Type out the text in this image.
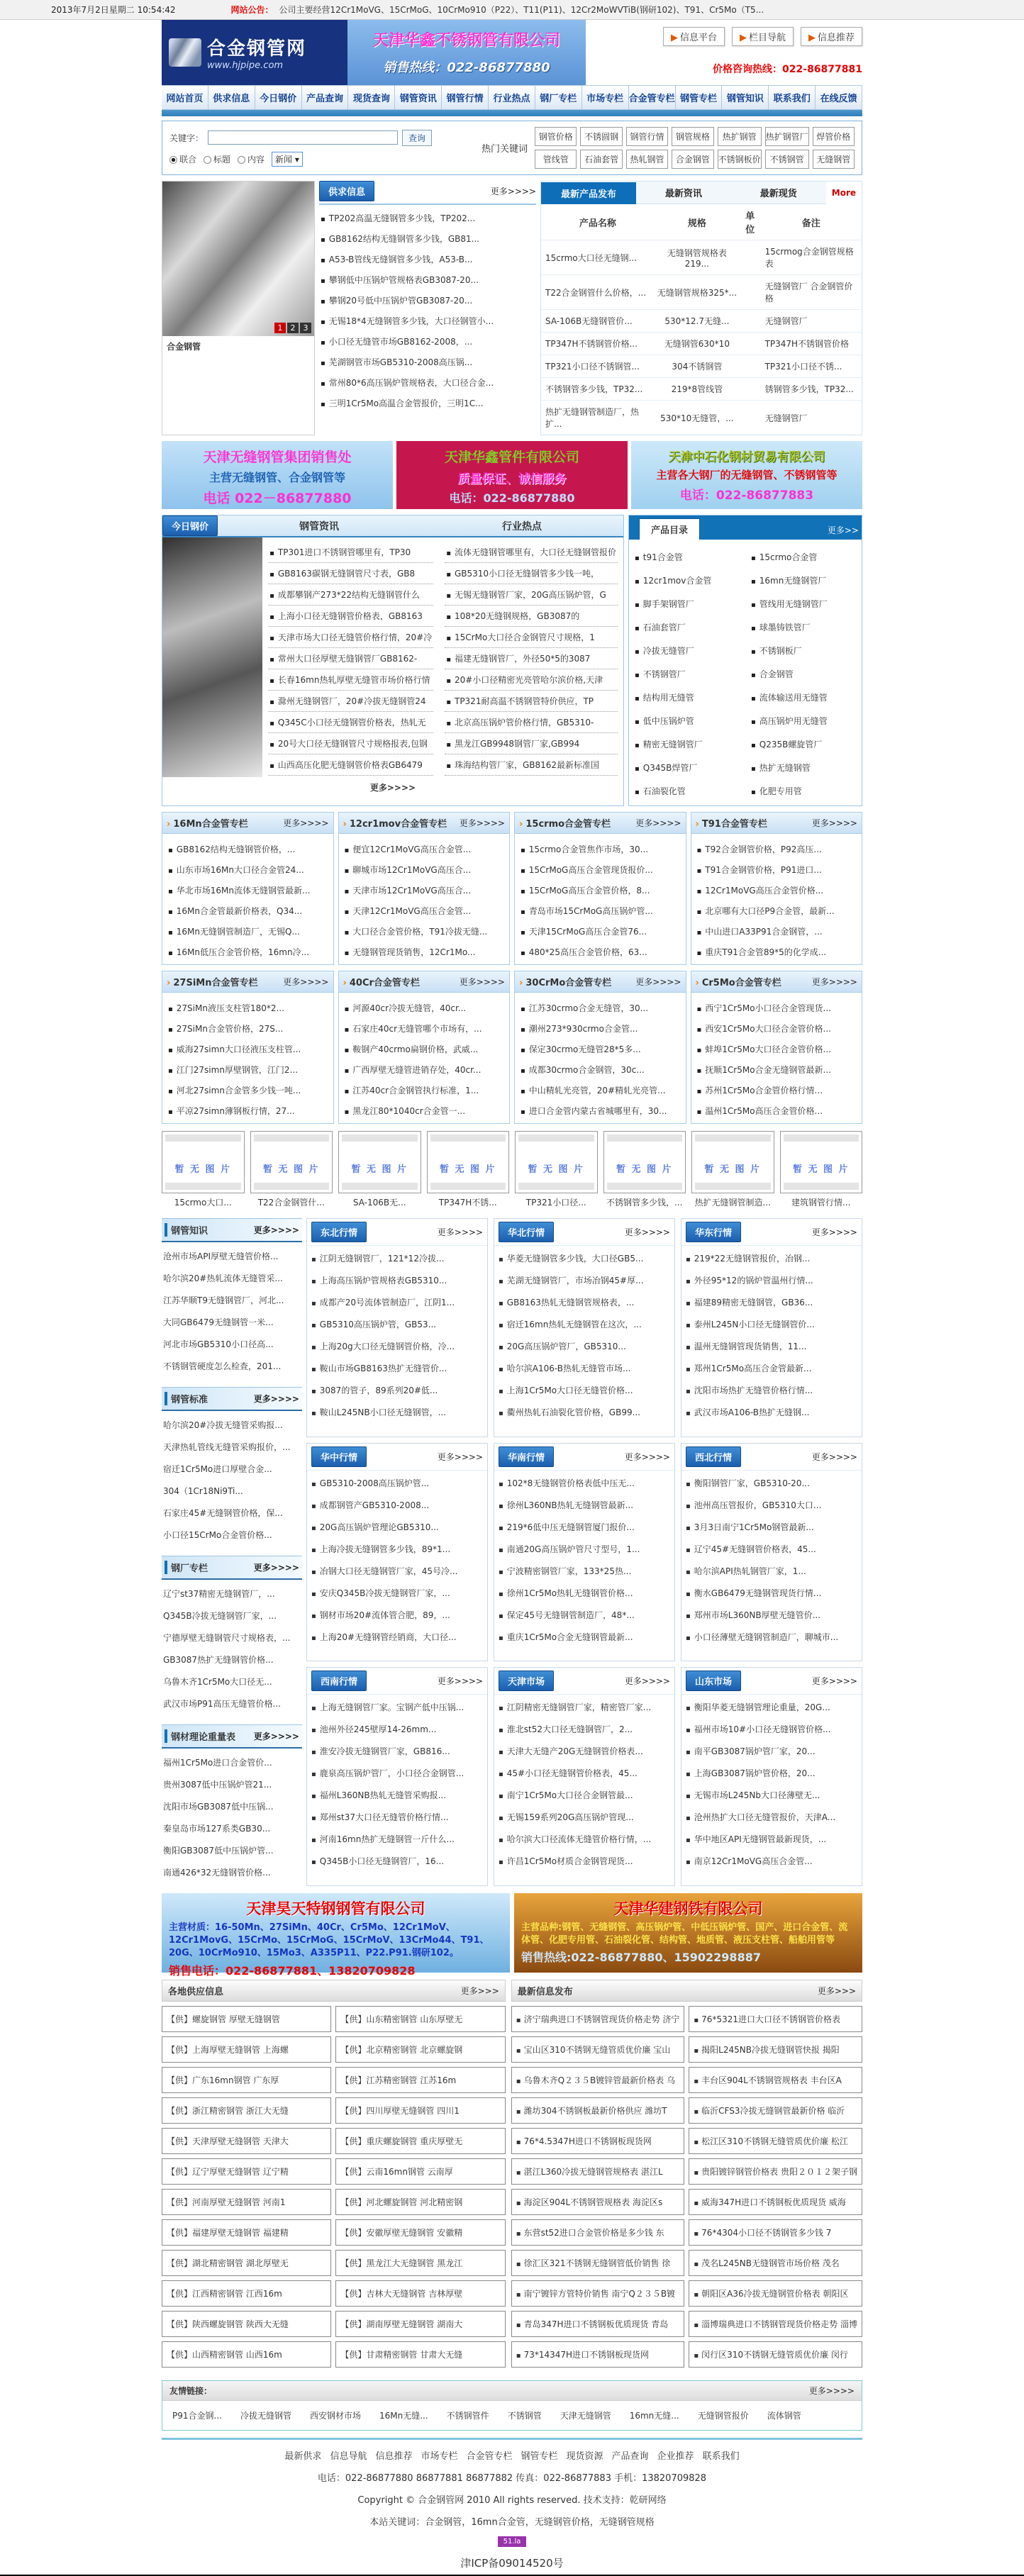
2013年7月2日星期二 10:54:42	网站公告： 公司主要经营12Cr1MoVG、15CrMoG、10CrMo910（P22）、T11(P11)、12Cr2MoWVTiB(钢研102)、T91、Cr5Mo（T5...
合金钢管网
www.hjpipe.com
天津华鑫不锈钢管有限公司
销售热线：022-86877880
▶ 信息平台	▶ 栏目导航	▶ 信息推荐
价格咨询热线：022-86877881
网站首页	供求信息	今日钢价	产品查询	现货查询	钢管资讯	钢管行情	行业热点	钢厂专栏	市场专栏 合金管专栏 钢管专栏	钢管知识	联系我们	在线反馈
关键字：	查询
联合	标题	内容	新闻 ▾
热门关键词
钢管价格	不锈圆钢	钢管行情	钢管规格	热扩钢管	热扩钢管厂 焊管价格
管线管	石油套管	热轧钢管	合金钢管 不锈钢板价	不锈钢管	无缝钢管
1	2	3
合金钢管
供求信息	更多>>>>
▪ TP202高温无缝钢管多少钱，TP202...
▪ GB8162结构无缝钢管多少钱，GB81...
▪ A53-B管线无缝钢管多少钱，A53-B...
▪ 攀钢低中压锅炉管规格表GB3087-20...
▪ 攀钢20号低中压锅炉管GB3087-20...
▪ 无锡18*4无缝钢管多少钱，大口径钢管小...
▪ 小口径无缝管市场GB8162-2008，...
▪ 芜湖钢管市场GB5310-2008高压锅...
▪ 常州80*6高压锅炉管规格表，大口径合金...
▪ 三明1Cr5Mo高温合金管报价，三明1C...
最新产品发布	最新资讯	最新现货	More
产品名称	规格	单位	备注
15crmo大口径无缝钢...	无缝钢管规格表219...		15crmog合金钢管规格表
T22合金钢管什么价格，...	无缝钢管规格325*...		无缝钢管厂 合金钢管价格
SA-106B无缝钢管价...	530*12.7无缝...		无缝钢管厂
TP347H不锈钢管价格...	无缝钢管630*10		TP347H不锈钢管价格
TP321小口径不锈钢管...	304不锈钢管		TP321小口径不锈...
不锈钢管多少钱，TP32...	219*8管线管		锈钢管多少钱，TP32...
热扩无缝钢管制造厂，热扩...	530*10无缝管，...		无缝钢管厂
天津无缝钢管集团销售处
主营无缝钢管、合金钢管等
电话 022－86877880
天津华鑫管件有限公司
质量保证、诚信服务
电话：022-86877880
天津中石化钢材贸易有限公司
主营各大钢厂的无缝钢管、不锈钢管等
电话：022-86877883
今日钢价	钢管资讯	行业热点
▪ TP301进口不锈钢管哪里有，TP30
▪ GB8163碳钢无缝钢管尺寸表，GB8
▪ 成都攀钢产273*22结构无缝钢管什么
▪ 上海小口径无缝钢管价格表，GB8163
▪ 天津市场大口径无缝管价格行情，20#冷
▪ 常州大口径厚壁无缝钢管厂GB8162-
▪ 长春16mn热轧厚壁无缝管市场价格行情
▪ 滁州无缝钢管厂，20#冷拔无缝钢管24
▪ Q345C小口径无缝钢管价格表，热轧无
▪ 20号大口径无缝钢管尺寸规格报表,包钢
▪ 山西高压化肥无缝钢管价格表GB6479
▪ 流体无缝钢管哪里有，大口径无缝钢管报价
▪ GB5310小口径无缝钢管多少钱一吨，
▪ 无锡无缝钢管厂家，20G高压锅炉管，G
▪ 108*20无缝钢规格，GB3087的
▪ 15CrMo大口径合金钢管尺寸规格，1
▪ 福建无缝钢管厂，外径50*5的3087
▪ 20#小口径精密光亮管哈尔滨价格,天津
▪ TP321耐高温不锈钢管特价供应，TP
▪ 北京高压锅炉管价格行情，GB5310-
▪ 黑龙江GB9948钢管厂家,GB994
▪ 珠海结构管厂家，GB8162最新标准国
更多>>>>
产品目录	更多>>
▪ t91合金管
▪ 12cr1mov合金管
▪ 脚手架钢管厂
▪ 石油套管厂
▪ 冷拔无缝管厂
▪ 不锈钢管厂
▪ 结构用无缝管
▪ 低中压锅炉管
▪ 精密无缝钢管厂
▪ Q345B焊管厂
▪ 石油裂化管
▪ 15crmo合金管
▪ 16mn无缝钢管厂
▪ 管线用无缝钢管厂
▪ 球墨铸铁管厂
▪ 不锈钢板厂
▪ 合金钢管
▪ 流体输送用无缝管
▪ 高压锅炉用无缝管
▪ Q235B螺旋管厂
▪ 热扩无缝钢管
▪ 化肥专用管
› 16Mn合金管专栏	更多>>>>
▪ GB8162结构无缝钢管价格，...
▪ 山东市场16Mn大口径合金管24...
▪ 华北市场16Mn流体无缝钢管最新...
▪ 16Mn合金管最新价格表，Q34...
▪ 16Mn无缝钢管制造厂，无锡Q...
▪ 16Mn低压合金管价格，16mn冷...
› 12cr1mov合金管专栏 更多>>>>
▪ 便宜12Cr1MoVG高压合金管...
▪ 聊城市场12Cr1MoVG高压合...
▪ 天津市场12Cr1MoVG高压合...
▪ 天津12Cr1MoVG高压合金管...
▪ 大口径合金管价格，T91冷拔无缝...
▪ 无缝钢管现货销售，12Cr1Mo...
› 15crmo合金管专栏	更多>>>>
▪ 15crmo合金管焦作市场，30...
▪ 15CrMoG高压合金管现货报价...
▪ 15CrMoG高压合金管价格，8...
▪ 青岛市场15CrMoG高压锅炉管...
▪ 天津15CrMoG高压合金管76...
▪ 480*25高压合金管价格，63...
› T91合金管专栏	更多>>>>
▪ T92合金钢管价格，P92高压...
▪ T91合金钢管价格，P91进口...
▪ 12Cr1MoVG高压合金管价格...
▪ 北京哪有大口径P9合金管，最新...
▪ 中山进口A33P91合金钢管，...
▪ 重庆T91合金管89*5的化学成...
› 27SiMn合金管专栏	更多>>>>
▪ 27SiMn液压支柱管180*2...
▪ 27SiMn合金管价格，27S...
▪ 威海27simn大口径液压支柱管...
▪ 江门27simn厚壁钢管，江门2...
▪ 河北27simn合金管多少钱一吨...
▪ 平凉27simn薄钢板行情，27...
› 40Cr合金管专栏	更多>>>>
▪ 河源40cr冷拔无缝管，40cr...
▪ 石家庄40cr无缝管哪个市场有，...
▪ 鞍钢产40crmo扁钢价格，武威...
▪ 广西厚壁无缝管进销存处，40cr...
▪ 江苏40cr合金钢管执行标准，1...
▪ 黑龙江80*1040cr合金管一...
› 30CrMo合金管专栏	更多>>>>
▪ 江苏30crmo合金无缝管，30...
▪ 潮州273*930crmo合金管...
▪ 保定30crmo无缝管28*5多...
▪ 成都30crmo合金钢管，30c...
▪ 中山精轧光亮管，20#精轧光亮管...
▪ 进口合金管内蒙古省城哪里有，30...
› Cr5Mo合金管专栏	更多>>>>
▪ 西宁1Cr5Mo小口径合金管现货...
▪ 西安1Cr5Mo大口径合金管价格...
▪ 蚌埠1Cr5Mo大口径合金管价格...
▪ 抚顺1Cr5Mo合金无缝钢管最新...
▪ 苏州1Cr5Mo合金管价格行情...
▪ 温州1Cr5Mo高压合金管价格...
暂 无 图 片
15crmo大口...
暂 无 图 片
T22合金钢管什...
暂 无 图 片
SA-106B无...
暂 无 图 片
TP347H不锈...
暂 无 图 片
TP321小口径...
暂 无 图 片
不锈钢管多少钱，...
暂 无 图 片
热扩无缝钢管制造...
暂 无 图 片
建筑钢管行情...
钢管知识	更多>>>>
• 沧州市场API厚壁无缝管价格...
• 哈尔滨20#热轧流体无缝管采...
• 江苏华顺T9无缝钢管厂，河北...
• 大同GB6479无缝钢管一米...
• 河北市场GB5310小口径高...
• 不锈钢管硬度怎么检查，201...
钢管标准	更多>>>>
• 哈尔滨20#冷拔无缝管采购报...
• 天津热轧管线无缝管采购报价，...
• 宿迁1Cr5Mo进口厚壁合金...
• 304（1Cr18Ni9Ti...
• 石家庄45#无缝钢管价格，保...
• 小口径15CrMo合金管价格...
钢厂专栏	更多>>>>
• 辽宁st37精密无缝钢管厂，...
• Q345B冷拔无缝钢管厂家，...
• 宁德厚壁无缝钢管尺寸规格表，...
• GB3087热扩无缝钢管价格...
• 乌鲁木齐1Cr5Mo大口径无...
• 武汉市场P91高压无缝管价格...
钢材理论重量表 更多>>>>
• 福州1Cr5Mo进口合金管价...
• 贵州3087低中压锅炉管21...
• 沈阳市场GB3087低中压锅...
• 秦皇岛市场127系类GB30...
• 衡阳GB3087低中压锅炉管...
• 南通426*32无缝钢管价格...
东北行情	更多>>>>
▪ • 江阴无缝钢管厂，121*12冷拔...
▪ • 上海高压锅炉管规格表GB5310...
▪ • 成都产20号流体管制造厂，江阴1...
▪ • GB5310高压锅炉管，GB53...
▪ • 上海20g大口径无缝钢管价格，冷...
▪ • 鞍山市场GB8163热扩无缝管价...
▪ • 3087的管子，89系列20#低...
▪ • 鞍山L245NB小口径无缝钢管，...
华北行情	更多>>>>
▪ • 华菱无缝钢管多少钱，大口径GB5...
▪ • 芜湖无缝钢管厂，市场冶钢45#厚...
▪ • GB8163热轧无缝钢管规格表，...
▪ • 宿迁16mn热轧无缝钢管在这次，...
▪ • 20G高压锅炉管厂，GB5310...
▪ • 哈尔滨A106-B热轧无缝管市场...
▪ • 上海1Cr5Mo大口径无缝管价格...
▪ • 衢州热轧石油裂化管价格，GB99...
华东行情	更多>>>>
▪ • 219*22无缝钢管报价，冶钢...
▪ • 外径95*12的锅炉管温州行情...
▪ • 福建89精密无缝钢管，GB36...
▪ • 泰州L245N小口径无缝钢管价...
▪ • 温州无缝钢管现货销售，11...
▪ • 郑州1Cr5Mo高压合金管最新...
▪ • 沈阳市场热扩无缝管价格行情...
▪ • 武汉市场A106-B热扩无缝钢...
华中行情	更多>>>>
▪ • GB5310-2008高压锅炉管...
▪ • 成都钢管产GB5310-2008...
▪ • 20G高压锅炉管理论GB5310...
▪ • 上海冷拔无缝钢管多少钱，89*1...
▪ • 冶钢大口径无缝钢管厂家，45号冷...
▪ • 安庆Q345B冷拔无缝钢管厂家，...
▪ • 钢材市场20#流体管合肥，89，...
▪ • 上海20#无缝钢管经销商，大口径...
华南行情	更多>>>>
▪ • 102*8无缝钢管价格表低中压无...
▪ • 徐州L360NB热轧无缝钢管最新...
▪ • 219*6低中压无缝钢管厦门报价...
▪ • 南通20G高压锅炉管尺寸型号，1...
▪ • 宁波精密钢管厂家，133*25热...
▪ • 徐州1Cr5Mo热轧无缝钢管价格...
▪ • 保定45号无缝钢管制造厂，48*...
▪ • 重庆1Cr5Mo合金无缝钢管最新...
西北行情	更多>>>>
▪ • 衡阳钢管厂家，GB5310-20...
▪ • 池州高压管报价，GB5310大口...
▪ • 3月3日南宁1Cr5Mo钢管最新...
▪ • 辽宁45#无缝钢管价格表，45...
▪ • 哈尔滨API热轧钢管厂家，1...
▪ • 衡水GB6479无缝钢管现货行情...
▪ • 郑州市场L360NB厚壁无缝管价...
▪ • 小口径薄壁无缝钢管制造厂，聊城市...
西南行情	更多>>>>
▪ • 上海无缝钢管厂家。宝钢产低中压锅...
▪ • 池州外径245壁厚14-26mm...
▪ • 淮安冷拔无缝钢管厂家，GB816...
▪ • 鹿泉高压锅炉管厂，小口径合金钢管...
▪ • 福州L360NB热轧无缝管采购报...
▪ • 郑州st37大口径无缝管价格行情...
▪ • 河南16mn热扩无缝钢管一斤什么...
▪ • Q345B小口径无缝钢管厂，16...
天津市场	更多>>>>
▪ • 江阴精密无缝钢管厂家，精密管厂家...
▪ • 淮北st52大口径无缝钢管厂，2...
▪ • 天津大无缝产20G无缝钢管价格表...
▪ • 45#小口径无缝钢管价格表，45...
▪ • 南宁1Cr5Mo大口径合金钢管最...
▪ • 无锡159系列20G高压锅炉管现...
▪ • 哈尔滨大口径流体无缝管价格行情，...
▪ • 许昌1Cr5Mo材质合金钢管现货...
山东市场	更多>>>>
▪ • 衡阳华菱无缝钢管理论重量，20G...
▪ • 福州市场10#小口径无缝钢管价格...
▪ • 南平GB3087锅炉管厂家，20...
▪ • 上海GB3087锅炉管价格，20...
▪ • 无锡市场L245Nb大口径薄壁无...
▪ • 沧州热扩大口径无缝管报价，天津A...
▪ • 华中地区API无缝钢管最新现货，...
▪ • 南京12Cr1MoVG高压合金管...
天津昊天特钢钢管有限公司
主营材质：16-50Mn、27SiMn、40Cr、Cr5Mo、12Cr1MoV、12Cr1MovG、15CrMo、15CrMoG、15CrMoV、13CrMo44、T91、20G、10CrMo910、15Mo3、A335P11、P22.P91.钢研102。
销售电话：022-86877881、13820709828
天津华建钢铁有限公司
主营品种:钢管、无缝钢管、高压锅炉管、中低压锅炉管、国产、进口合金管、流体管、化肥专用管、石油裂化管、结构管、地质管、液压支柱管、船舶用管等
销售热线:022-86877880、15902298887
各地供应信息	更多>>>
【供】螺旋钢管 厚壁无缝钢管
【供】上海厚壁无缝钢管 上海螺
【供】广东16mn钢管 广东厚
【供】浙江精密钢管 浙江大无缝
【供】天津厚壁无缝钢管 天津大
【供】辽宁厚壁无缝钢管 辽宁精
【供】河南厚壁无缝钢管 河南1
【供】福建厚壁无缝钢管 福建精
【供】湖北精密钢管 湖北厚壁无
【供】江西精密钢管 江西16m
【供】陕西螺旋钢管 陕西大无缝
【供】山西精密钢管 山西16m
【供】山东精密钢管 山东厚壁无
【供】北京精密钢管 北京螺旋钢
【供】江苏精密钢管 江苏16m
【供】四川厚壁无缝钢管 四川1
【供】重庆螺旋钢管 重庆厚壁无
【供】云南16mn钢管 云南厚
【供】河北螺旋钢管 河北精密钢
【供】安徽厚壁无缝钢管 安徽精
【供】黑龙江大无缝钢管 黑龙江
【供】吉林大无缝钢管 吉林厚壁
【供】湖南厚壁无缝钢管 湖南大
【供】甘肃精密钢管 甘肃大无缝
最新信息发布	更多>>>
▪ 济宁瑞典进口不锈钢管现货价格走势 济宁
▪ 宝山区310不锈钢无缝管质优价廉 宝山
▪ 乌鲁木齐Q２３５B镀锌管最新价格表 乌
▪ 潍坊304不锈钢板最新价格供应 潍坊T
▪ 76*4.5347H进口不锈钢板现货网
▪ 湛江L360冷拔无缝钢管规格表 湛江L
▪ 海淀区904L不锈钢管规格表 海淀区s
▪ 东营st52进口合金管价格是多少钱 东
▪ 徐汇区321不锈钢无缝钢管低价销售 徐
▪ 南宁镀锌方管特价销售 南宁Q２３５B镀
▪ 青岛347H进口不锈钢板优质现货 青岛
▪ 73*14347H进口不锈钢板现货网
▪ 76*5321进口大口径不锈钢管价格表
▪ 揭阳L245NB冷拔无缝钢管快报 揭阳
▪ 丰台区904L不锈钢管规格表 丰台区A
▪ 临沂CFS3冷拔无缝钢管最新价格 临沂
▪ 松江区310不锈钢无缝管质优价廉 松江
▪ 贵阳镀锌钢管价格表 贵阳２０１２架子钢
▪ 威海347H进口不锈钢板优质现货 威海
▪ 76*4304小口径不锈钢管多少钱 7
▪ 茂名L245NB无缝钢管市场价格 茂名
▪ 朝阳区A36冷拔无缝钢管价格表 朝阳区
▪ 淄博瑞典进口不锈钢管现货价格走势 淄博
▪ 闵行区310不锈钢无缝管质优价廉 闵行
友情链接：	更多>>>>
P91合金钢... 冷拔无缝钢管 西安钢材市场 16Mn无缝... 不锈钢管件 不锈钢管 天津无缝钢管 16mn无缝... 无缝钢管报价 流体钢管
最新供求 信息导航 信息推荐 市场专栏 合金管专栏 钢管专栏 现货资源 产品查询 企业推荐 联系我们
电话：022-86877880 86877881 86877882 传真：022-86877883 手机：13820709828
Copyright © 合金钢管网 2010 All rights reserved. 技术支持：乾研网络
本站关键词：合金钢管，16mn合金管，无缝钢管价格，无缝钢管规格
51.la
津ICP备09014520号
